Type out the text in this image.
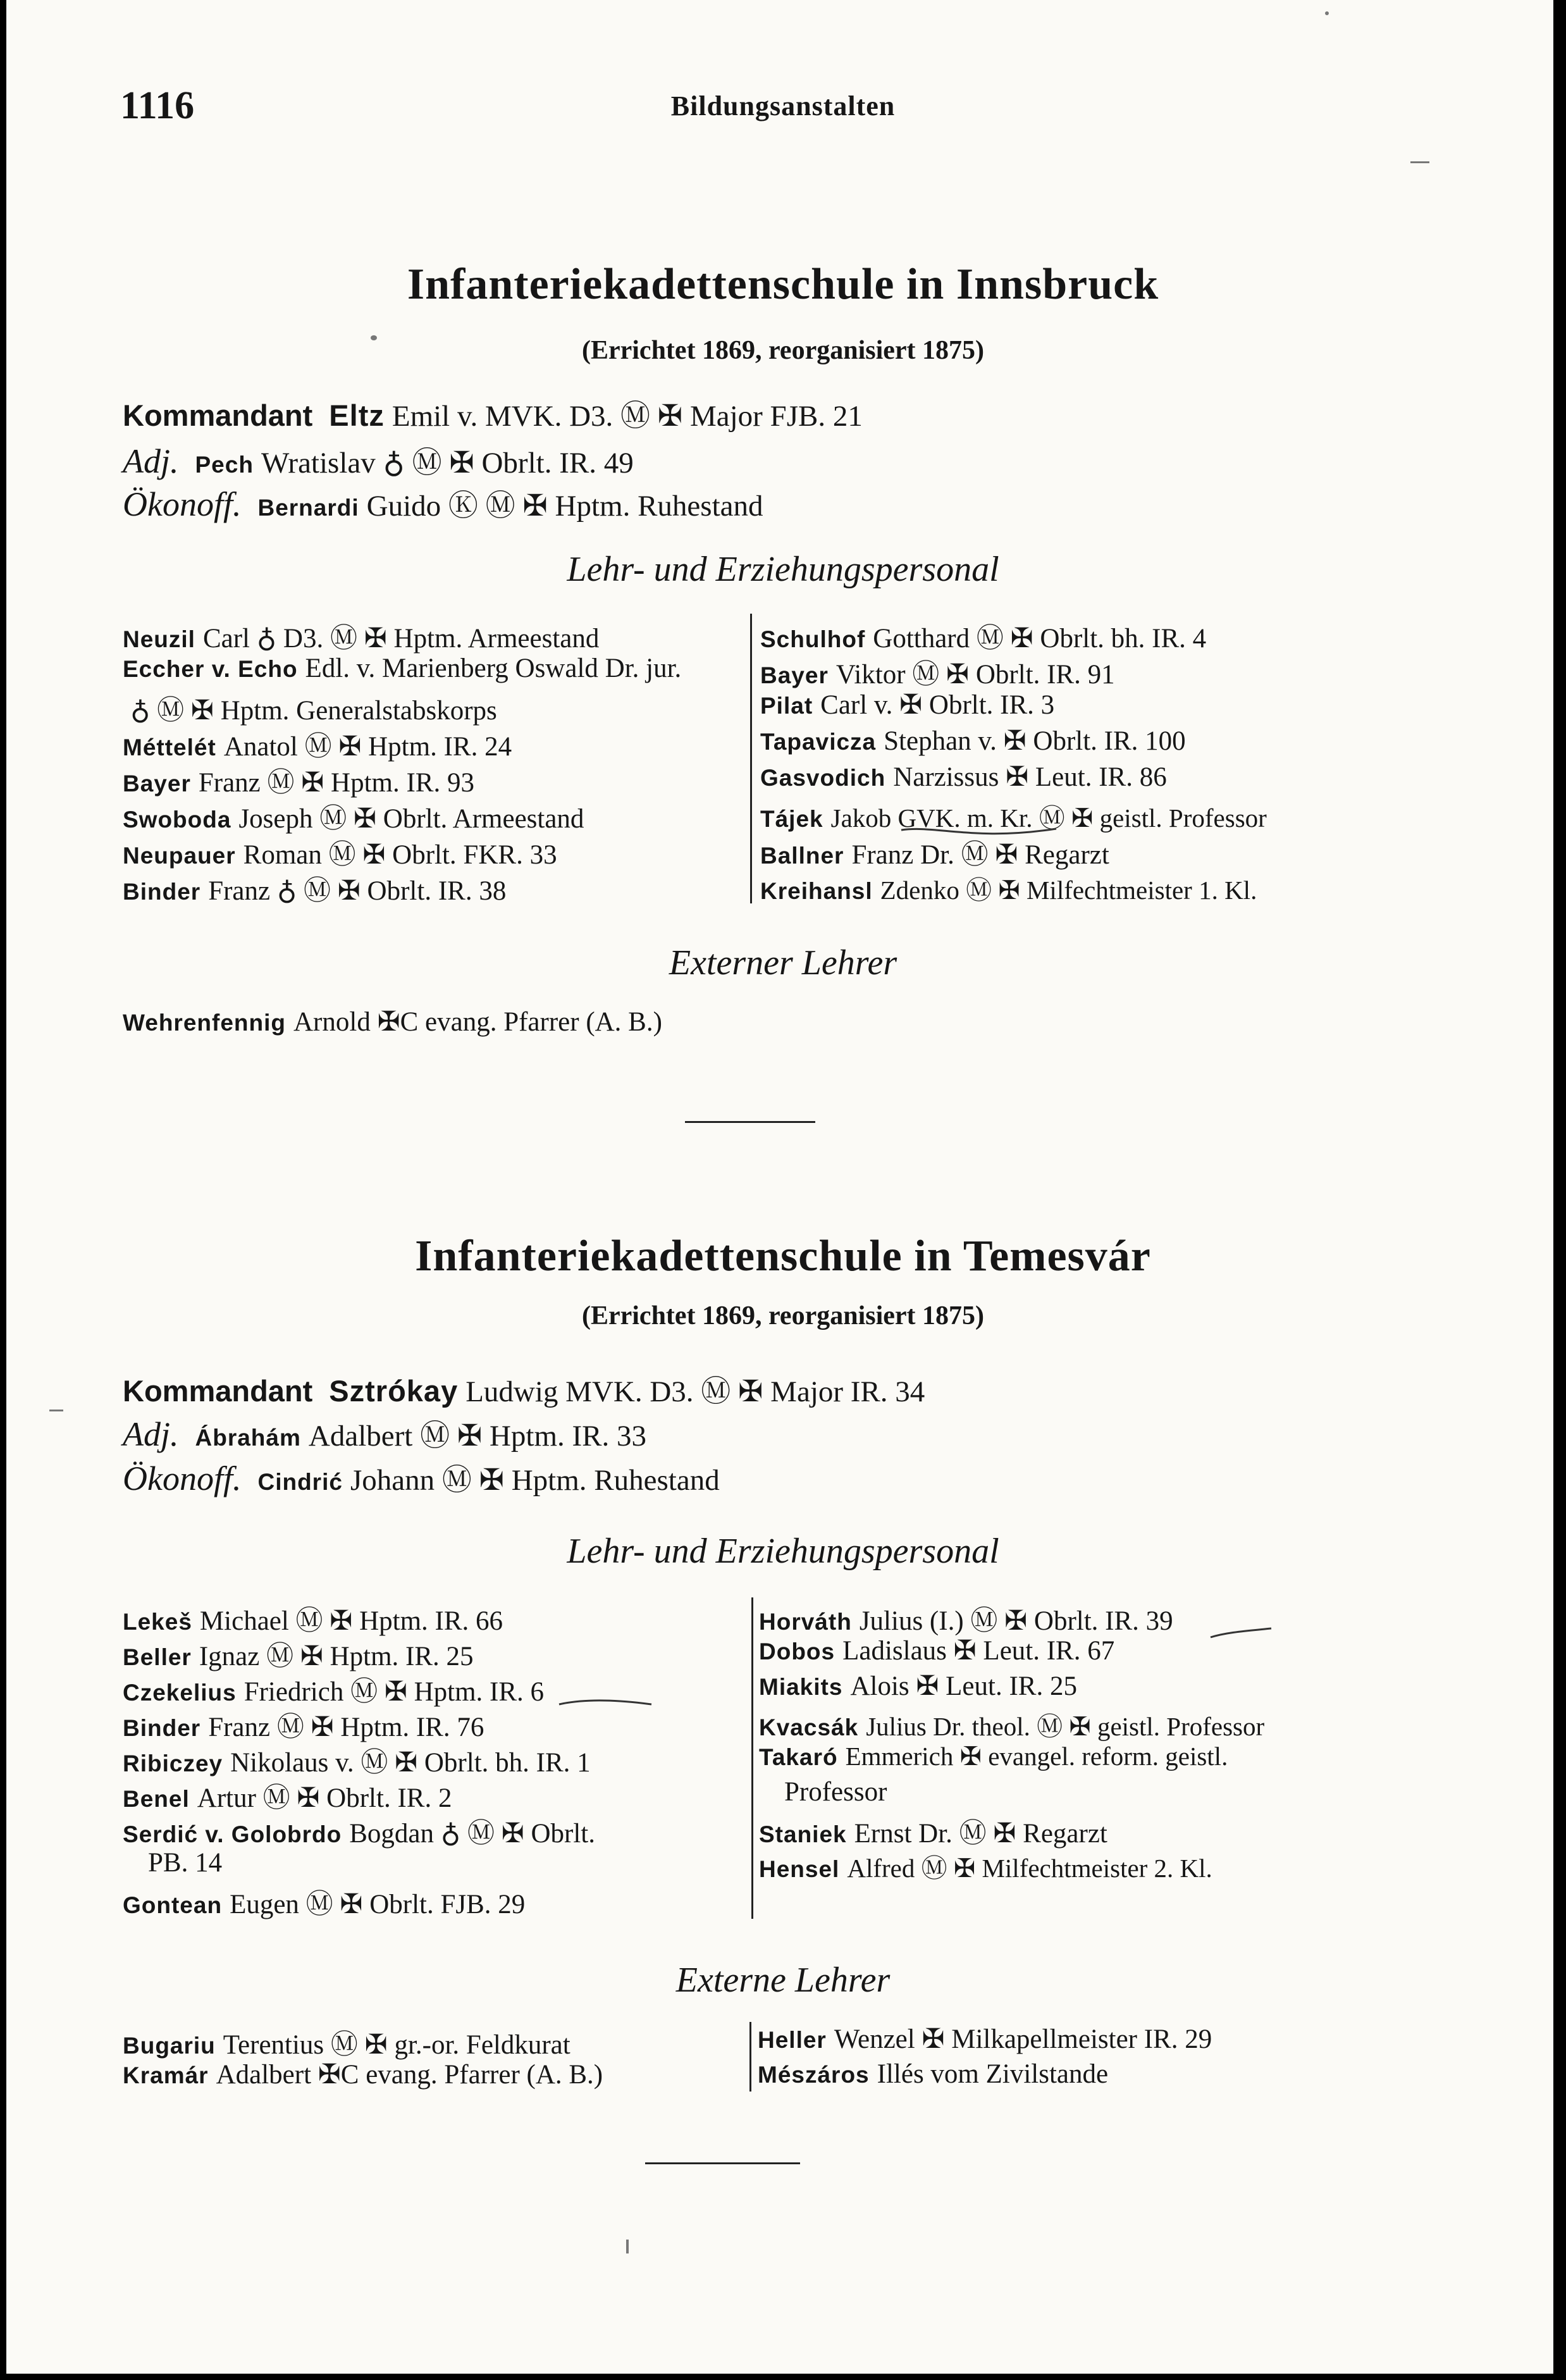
1116	Bildungsanstalten
Infanteriekadettenschule in Innsbruck
(Errichtet 1869, reorganisiert 1875)
Kommandant Eltz Emil v. MVK. D3. Ⓜ ✠ Major FJB. 21
Adj. Pech Wratislav ♁ Ⓜ ✠ Obrlt. IR. 49
Ökonoff. Bernardi Guido Ⓚ Ⓜ ✠ Hptm. Ruhestand
Lehr- und Erziehungspersonal
Neuzil Carl ♁ D3. Ⓜ ✠ Hptm. Armeestand
Eccher v. Echo Edl. v. Marienberg Oswald Dr. jur.
♁ Ⓜ ✠ Hptm. Generalstabskorps
Méttelét Anatol Ⓜ ✠ Hptm. IR. 24
Bayer Franz Ⓜ ✠ Hptm. IR. 93
Swoboda Joseph Ⓜ ✠ Obrlt. Armeestand
Neupauer Roman Ⓜ ✠ Obrlt. FKR. 33
Binder Franz ♁ Ⓜ ✠ Obrlt. IR. 38
Schulhof Gotthard Ⓜ ✠ Obrlt. bh. IR. 4
Bayer Viktor Ⓜ ✠ Obrlt. IR. 91
Pilat Carl v. ✠ Obrlt. IR. 3
Tapavicza Stephan v. ✠ Obrlt. IR. 100
Gasvodich Narzissus ✠ Leut. IR. 86
Tájek Jakob GVK. m. Kr. Ⓜ ✠ geistl. Professor
Ballner Franz Dr. Ⓜ ✠ Regarzt
Kreihansl Zdenko Ⓜ ✠ Milfechtmeister 1. Kl.
Externer Lehrer
Wehrenfennig Arnold ✠C evang. Pfarrer (A. B.)
Infanteriekadettenschule in Temesvár
(Errichtet 1869, reorganisiert 1875)
Kommandant Sztrókay Ludwig MVK. D3. Ⓜ ✠ Major IR. 34
Adj. Ábrahám Adalbert Ⓜ ✠ Hptm. IR. 33
Ökonoff. Cindrić Johann Ⓜ ✠ Hptm. Ruhestand
Lehr- und Erziehungspersonal
Lekeš Michael Ⓜ ✠ Hptm. IR. 66
Beller Ignaz Ⓜ ✠ Hptm. IR. 25
Czekelius Friedrich Ⓜ ✠ Hptm. IR. 6
Binder Franz Ⓜ ✠ Hptm. IR. 76
Ribiczey Nikolaus v. Ⓜ ✠ Obrlt. bh. IR. 1
Benel Artur Ⓜ ✠ Obrlt. IR. 2
Serdić v. Golobrdo Bogdan ♁ Ⓜ ✠ Obrlt.
PB. 14
Gontean Eugen Ⓜ ✠ Obrlt. FJB. 29
Horváth Julius (I.) Ⓜ ✠ Obrlt. IR. 39
Dobos Ladislaus ✠ Leut. IR. 67
Miakits Alois ✠ Leut. IR. 25
Kvacsák Julius Dr. theol. Ⓜ ✠ geistl. Professor
Takaró Emmerich ✠ evangel. reform. geistl.
Professor
Staniek Ernst Dr. Ⓜ ✠ Regarzt
Hensel Alfred Ⓜ ✠ Milfechtmeister 2. Kl.
Externe Lehrer
Bugariu Terentius Ⓜ ✠ gr.-or. Feldkurat
Kramár Adalbert ✠C evang. Pfarrer (A. B.)
Heller Wenzel ✠ Milkapellmeister IR. 29
Mészáros Illés vom Zivilstande
